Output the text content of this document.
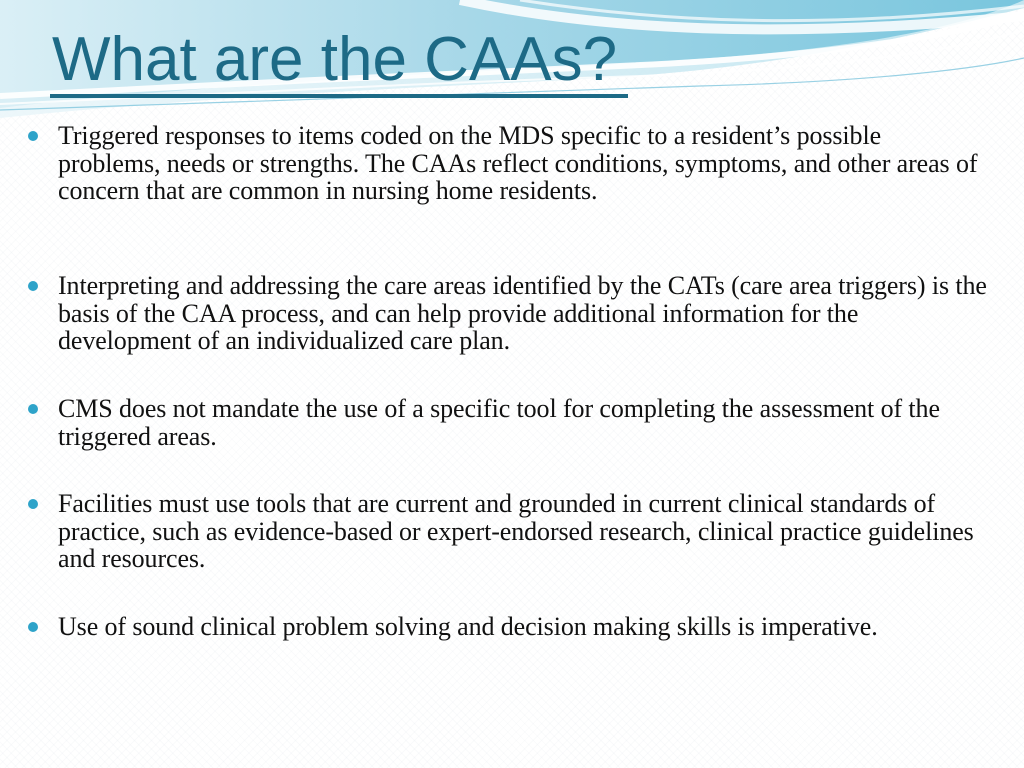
What are the CAAs?
Triggered responses to items coded on the MDS specific to a resident’s possible problems, needs or strengths. The CAAs reflect conditions, symptoms, and other areas of concern that are common in nursing home residents.
Interpreting and addressing the care areas identified by the CATs (care area triggers) is the basis of the CAA process, and can help provide additional information for the development of an individualized care plan.
CMS does not mandate the use of a specific tool for completing the assessment of the triggered areas.
Facilities must use tools that are current and grounded in current clinical standards of practice, such as evidence-based or expert-endorsed research, clinical practice guidelines and resources.
Use of sound clinical problem solving and decision making skills is imperative.
